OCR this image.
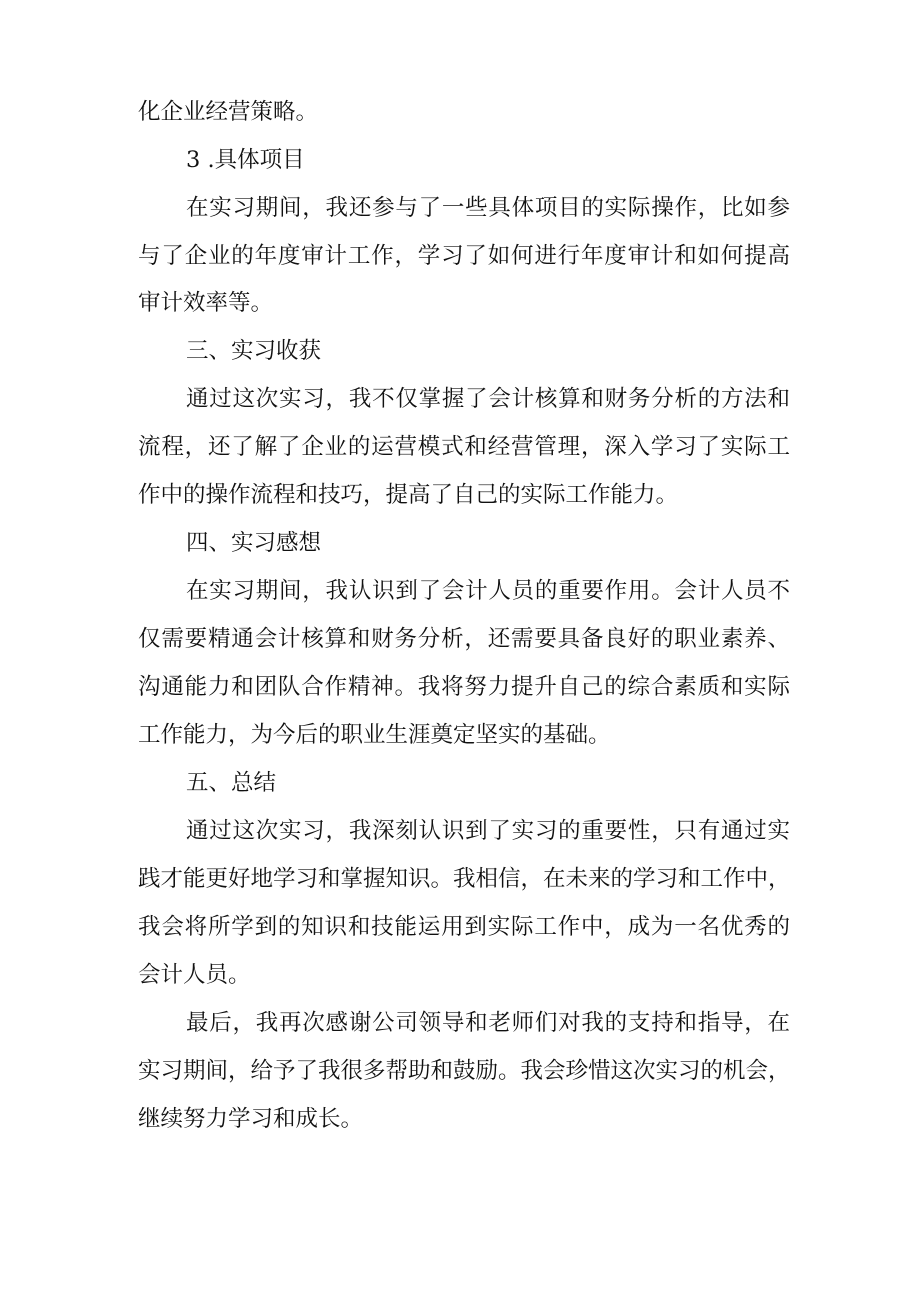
化企业经营策略。
3 .具体项目
在实习期间，我还参与了一些具体项目的实际操作，比如参
与了企业的年度审计工作，学习了如何进行年度审计和如何提高
审计效率等。
三、实习收获
通过这次实习，我不仅掌握了会计核算和财务分析的方法和
流程，还了解了企业的运营模式和经营管理，深入学习了实际工
作中的操作流程和技巧，提高了自己的实际工作能力。
四、实习感想
在实习期间，我认识到了会计人员的重要作用。会计人员不
仅需要精通会计核算和财务分析，还需要具备良好的职业素养、
沟通能力和团队合作精神。我将努力提升自己的综合素质和实际
工作能力，为今后的职业生涯奠定坚实的基础。
五、总结
通过这次实习，我深刻认识到了实习的重要性，只有通过实
践才能更好地学习和掌握知识。我相信，在未来的学习和工作中，
我会将所学到的知识和技能运用到实际工作中，成为一名优秀的
会计人员。
最后，我再次感谢公司领导和老师们对我的支持和指导，在
实习期间，给予了我很多帮助和鼓励。我会珍惜这次实习的机会，
继续努力学习和成长。
